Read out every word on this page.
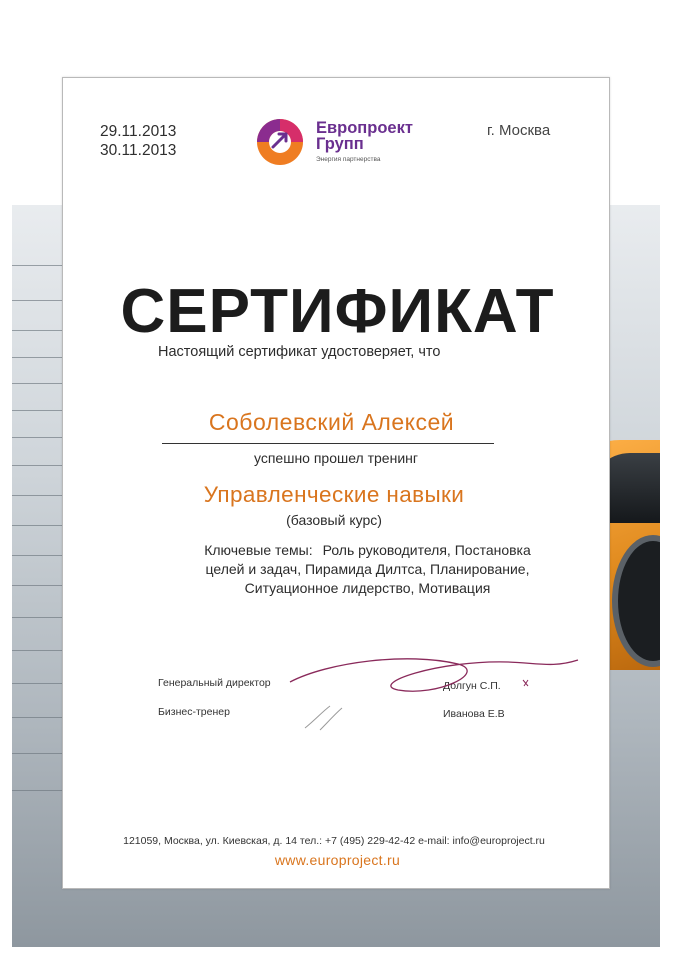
29.11.2013
30.11.2013
г. Москва
Европроект
Групп
Энергия партнерства
СЕРТИФИКАТ
Настоящий сертификат удостоверяет, что
Соболевский Алексей
успешно прошел тренинг
Управленческие навыки
(базовый курс)
Ключевые темы: Роль руководителя, Постановка
целей и задач, Пирамида Дилтса, Планирование,
Ситуационное лидерство, Мотивация
Генеральный директор	Долгун С.П.
Бизнес-тренер	Иванова Е.В
121059, Москва, ул. Киевская, д. 14 тел.: +7 (495) 229-42-42 e-mail: info@europroject.ru
www.europroject.ru
